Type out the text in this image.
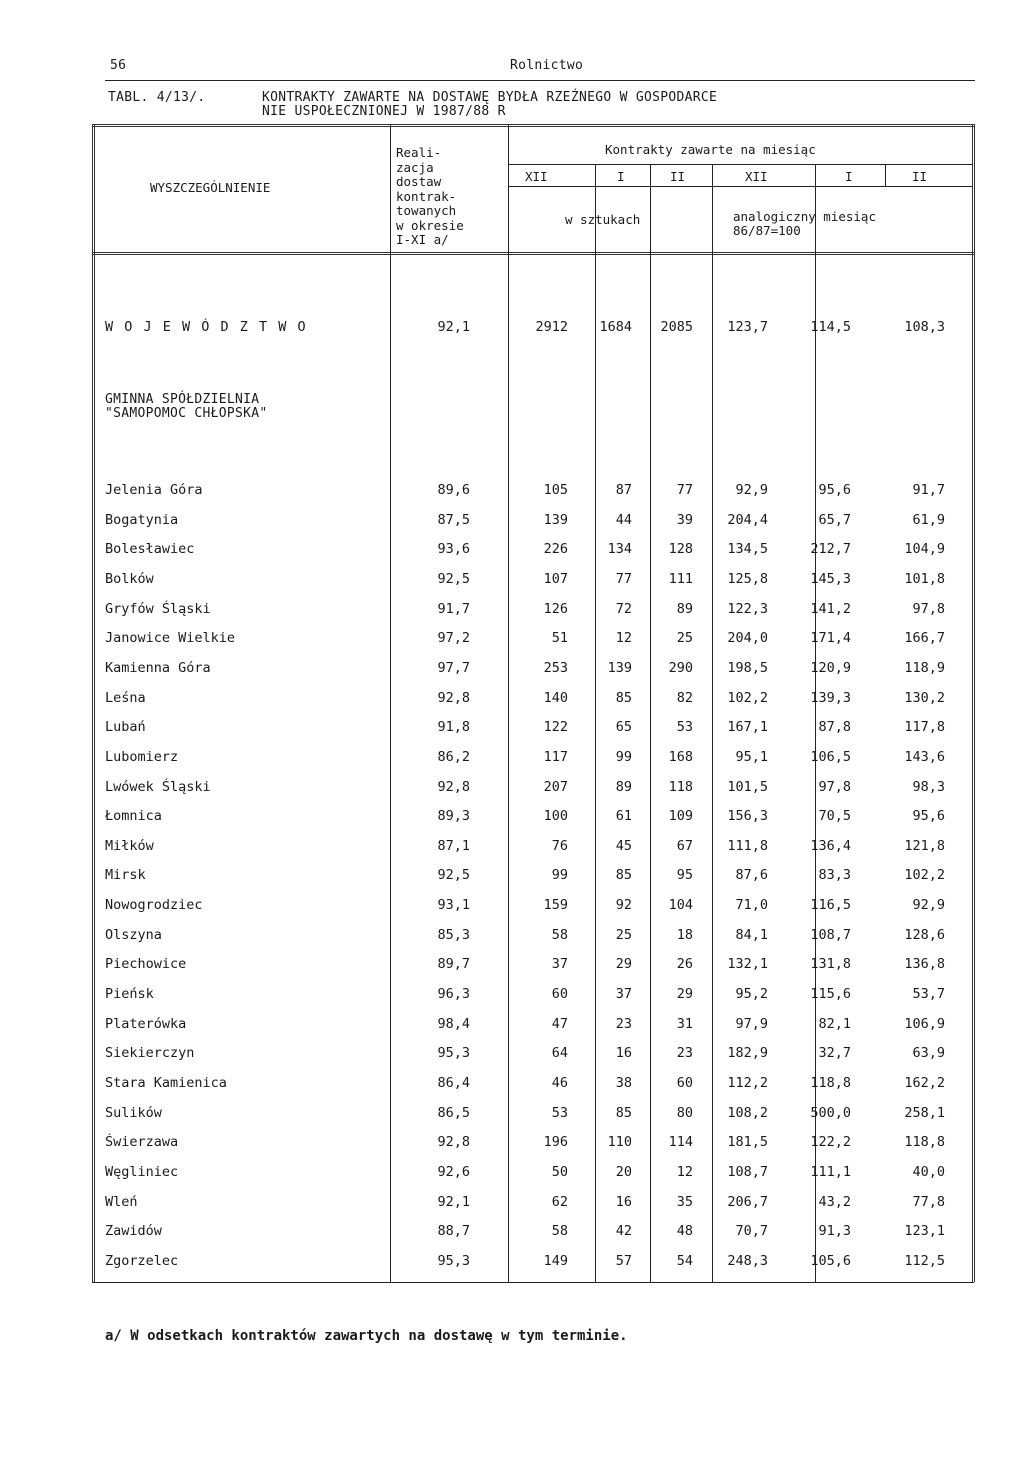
56	Rolnictwo
TABL. 4/13/.	KONTRAKTY ZAWARTE NA DOSTAWĘ BYDŁA RZEŹNEGO W GOSPODARCE
NIE USPOŁECZNIONEJ W 1987/88 R
WYSZCZEGÓLNIENIE
Reali-
zacja
dostaw
kontrak-
towanych
w okresie
I-XI a/
Kontrakty zawarte na miesiąc
XII	I	II	XII	I	II
w sztukach	analogiczny miesiąc
86/87=100
W O J E W Ó D Z T W O	92,1	2912	1684	2085	123,7	114,5	108,3
GMINNA SPÓŁDZIELNIA
"SAMOPOMOC CHŁOPSKA"
Jelenia Góra	89,6	105	87	77	92,9	95,6	91,7
Bogatynia	87,5	139	44	39	204,4	65,7	61,9
Bolesławiec	93,6	226	134	128	134,5	212,7	104,9
Bolków	92,5	107	77	111	125,8	145,3	101,8
Gryfów Śląski	91,7	126	72	89	122,3	141,2	97,8
Janowice Wielkie	97,2	51	12	25	204,0	171,4	166,7
Kamienna Góra	97,7	253	139	290	198,5	120,9	118,9
Leśna	92,8	140	85	82	102,2	139,3	130,2
Lubań	91,8	122	65	53	167,1	87,8	117,8
Lubomierz	86,2	117	99	168	95,1	106,5	143,6
Lwówek Śląski	92,8	207	89	118	101,5	97,8	98,3
Łomnica	89,3	100	61	109	156,3	70,5	95,6
Miłków	87,1	76	45	67	111,8	136,4	121,8
Mirsk	92,5	99	85	95	87,6	83,3	102,2
Nowogrodziec	93,1	159	92	104	71,0	116,5	92,9
Olszyna	85,3	58	25	18	84,1	108,7	128,6
Piechowice	89,7	37	29	26	132,1	131,8	136,8
Pieńsk	96,3	60	37	29	95,2	115,6	53,7
Platerówka	98,4	47	23	31	97,9	82,1	106,9
Siekierczyn	95,3	64	16	23	182,9	32,7	63,9
Stara Kamienica	86,4	46	38	60	112,2	118,8	162,2
Sulików	86,5	53	85	80	108,2	500,0	258,1
Świerzawa	92,8	196	110	114	181,5	122,2	118,8
Węgliniec	92,6	50	20	12	108,7	111,1	40,0
Wleń	92,1	62	16	35	206,7	43,2	77,8
Zawidów	88,7	58	42	48	70,7	91,3	123,1
Zgorzelec	95,3	149	57	54	248,3	105,6	112,5
a/ W odsetkach kontraktów zawartych na dostawę w tym terminie.
